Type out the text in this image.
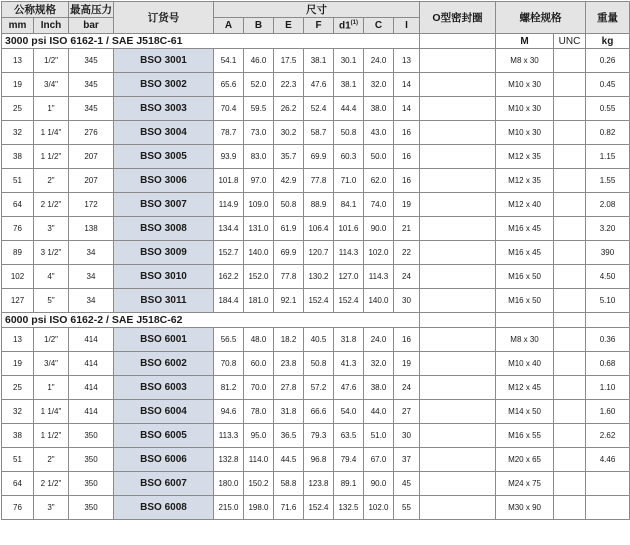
公称规格		最高压力	订货号	尺寸							O型密封圈	螺栓规格		重量
mm	Inch	bar		A	B	E	F	d1$^{(1)}$	C	I				
3000 psi ISO 6162-1 / SAE J518C-61												M	UNC	kg
13	1/2"	345	BSO 3001	54.1	46.0	17.5	38.1	30.1	24.0	13		M8 x 30		0.26
19	3/4"	345	BSO 3002	65.6	52.0	22.3	47.6	38.1	32.0	14		M10 x 30		0.45
25	1"	345	BSO 3003	70.4	59.5	26.2	52.4	44.4	38.0	14		M10 x 30		0.55
32	1 1/4"	276	BSO 3004	78.7	73.0	30.2	58.7	50.8	43.0	16		M10 x 30		0.82
38	1 1/2"	207	BSO 3005	93.9	83.0	35.7	69.9	60.3	50.0	16		M12 x 35		1.15
51	2"	207	BSO 3006	101.8	97.0	42.9	77.8	71.0	62.0	16		M12 x 35		1.55
64	2 1/2"	172	BSO 3007	114.9	109.0	50.8	88.9	84.1	74.0	19		M12 x 40		2.08
76	3"	138	BSO 3008	134.4	131.0	61.9	106.4	101.6	90.0	21		M16 x 45		3.20
89	3 1/2"	34	BSO 3009	152.7	140.0	69.9	120.7	114.3	102.0	22		M16 x 45		390
102	4"	34	BSO 3010	162.2	152.0	77.8	130.2	127.0	114.3	24		M16 x 50		4.50
127	5"	34	BSO 3011	184.4	181.0	92.1	152.4	152.4	140.0	30		M16 x 50		5.10
6000 psi ISO 6162-2 / SAE J518C-62														
13	1/2"	414	BSO 6001	56.5	48.0	18.2	40.5	31.8	24.0	16		M8 x 30		0.36
19	3/4"	414	BSO 6002	70.8	60.0	23.8	50.8	41.3	32.0	19		M10 x 40		0.68
25	1"	414	BSO 6003	81.2	70.0	27.8	57.2	47.6	38.0	24		M12 x 45		1.10
32	1 1/4"	414	BSO 6004	94.6	78.0	31.8	66.6	54.0	44.0	27		M14 x 50		1.60
38	1 1/2"	350	BSO 6005	113.3	95.0	36.5	79.3	63.5	51.0	30		M16 x 55		2.62
51	2"	350	BSO 6006	132.8	114.0	44.5	96.8	79.4	67.0	37		M20 x 65		4.46
64	2 1/2"	350	BSO 6007	180.0	150.2	58.8	123.8	89.1	90.0	45		M24 x 75		
76	3"	350	BSO 6008	215.0	198.0	71.6	152.4	132.5	102.0	55		M30 x 90		
